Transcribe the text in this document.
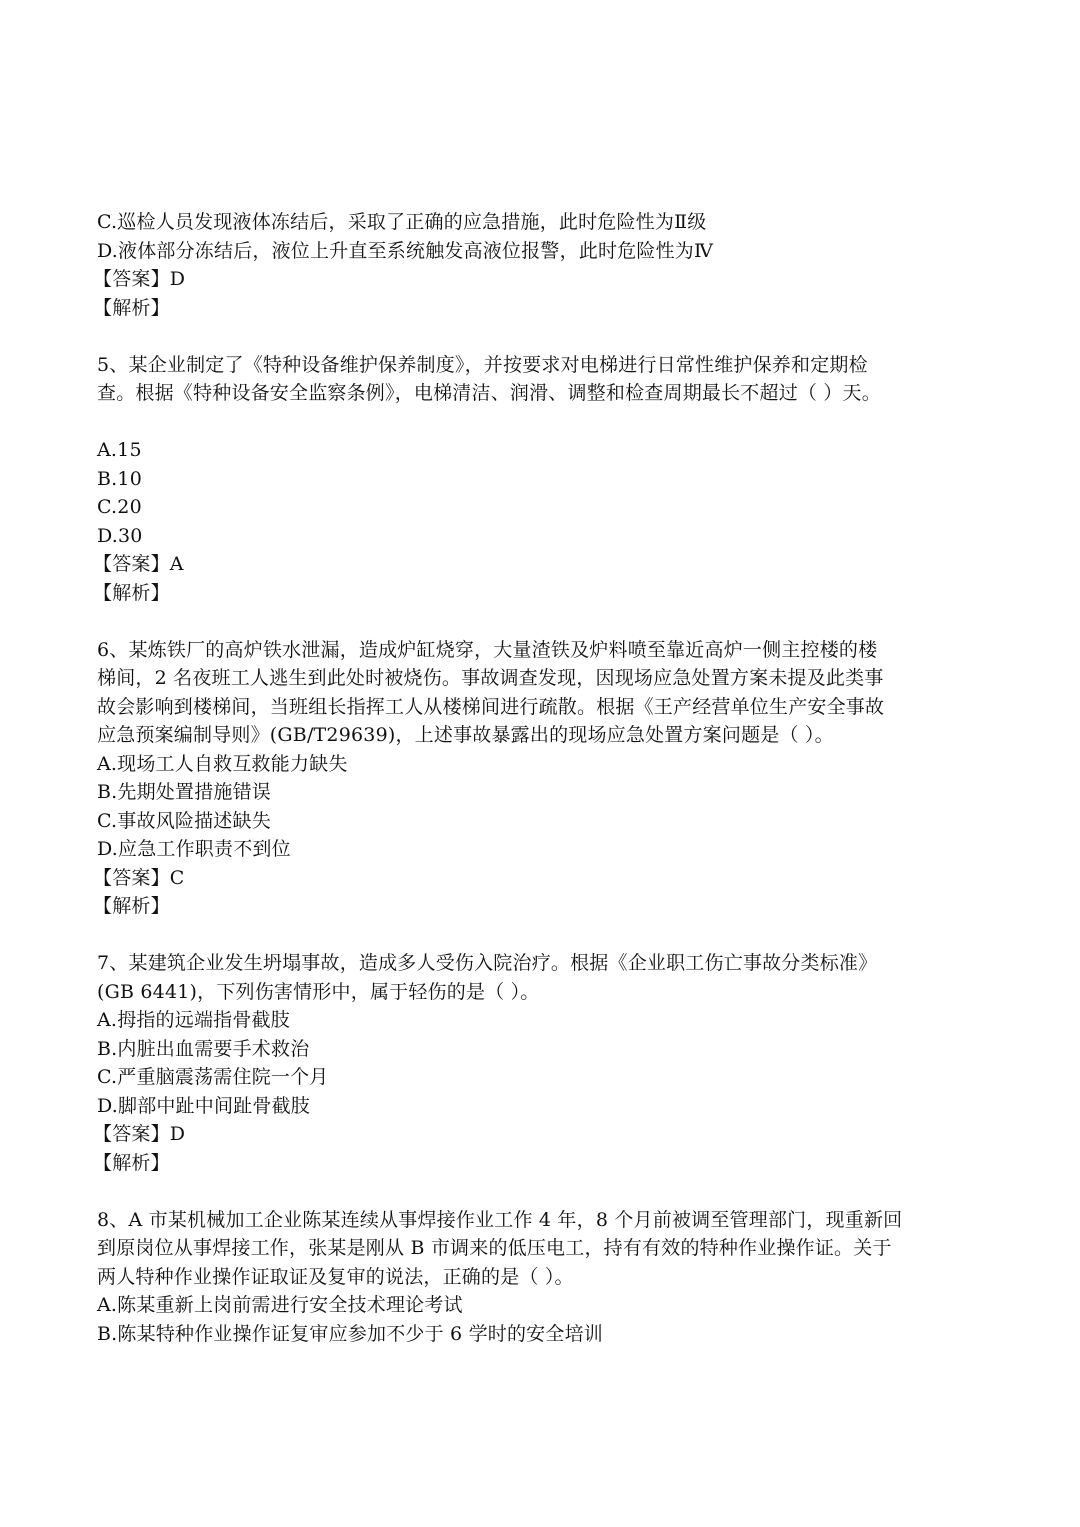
C.巡检人员发现液体冻结后，采取了正确的应急措施，此时危险性为Ⅱ级
D.液体部分冻结后，液位上升直至系统触发高液位报警，此时危险性为Ⅳ
【答案】D
【解析】
5、某企业制定了《特种设备维护保养制度》，并按要求对电梯进行日常性维护保养和定期检
查。根据《特种设备安全监察条例》，电梯清洁、润滑、调整和检查周期最长不超过（ ）天。
A.15
B.10
C.20
D.30
【答案】A
【解析】
6、某炼铁厂的高炉铁水泄漏，造成炉缸烧穿，大量渣铁及炉料喷至靠近高炉一侧主控楼的楼
梯间，2 名夜班工人逃生到此处时被烧伤。事故调查发现，因现场应急处置方案未提及此类事
故会影响到楼梯间，当班组长指挥工人从楼梯间进行疏散。根据《王产经营单位生产安全事故
应急预案编制导则》(GB/T29639)，上述事故暴露出的现场应急处置方案问题是（ ）。
A.现场工人自救互救能力缺失
B.先期处置措施错误
C.事故风险描述缺失
D.应急工作职责不到位
【答案】C
【解析】
7、某建筑企业发生坍塌事故，造成多人受伤入院治疗。根据《企业职工伤亡事故分类标准》
(GB 6441)，下列伤害情形中，属于轻伤的是（ ）。
A.拇指的远端指骨截肢
B.内脏出血需要手术救治
C.严重脑震荡需住院一个月
D.脚部中趾中间趾骨截肢
【答案】D
【解析】
8、A 市某机械加工企业陈某连续从事焊接作业工作 4 年，8 个月前被调至管理部门，现重新回
到原岗位从事焊接工作，张某是刚从 B 市调来的低压电工，持有有效的特种作业操作证。关于
两人特种作业操作证取证及复审的说法，正确的是（ ）。
A.陈某重新上岗前需进行安全技术理论考试
B.陈某特种作业操作证复审应参加不少于 6 学时的安全培训
